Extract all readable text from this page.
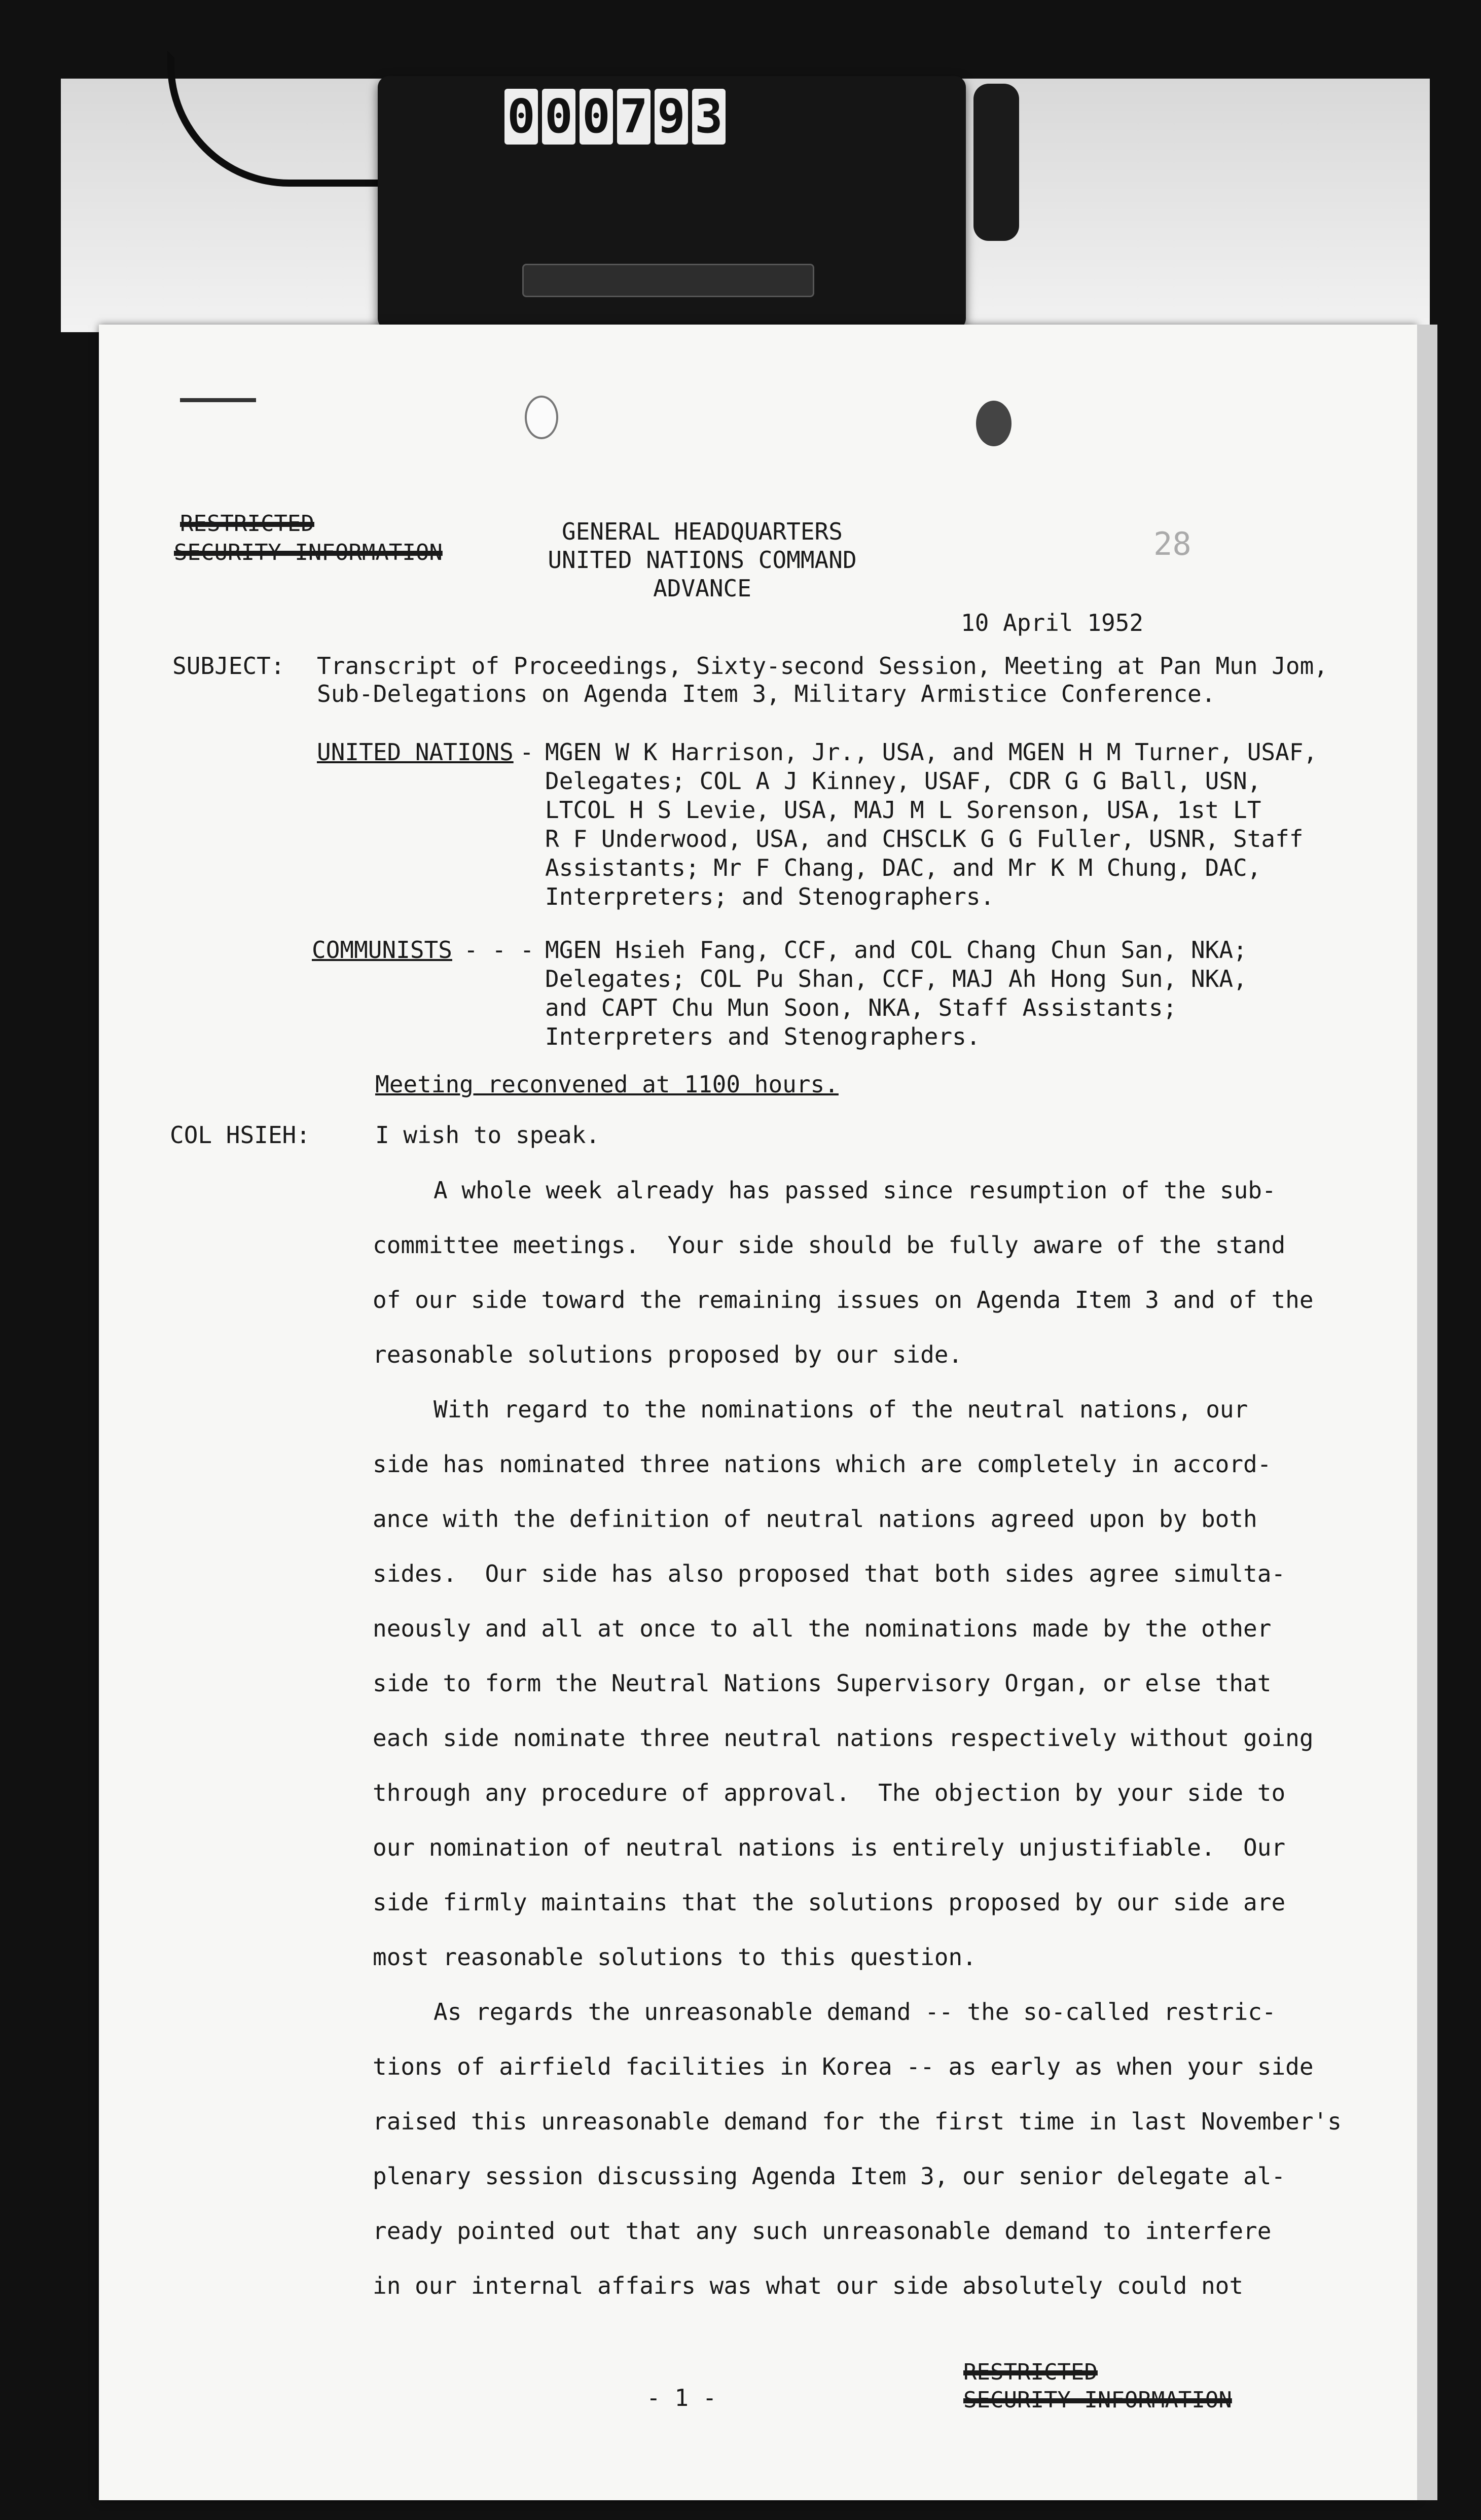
0 0 0 7 9 3
RESTRICTED
SECURITY INFORMATION
GENERAL HEADQUARTERS
UNITED NATIONS COMMAND
ADVANCE
28
10 April 1952
SUBJECT: Transcript of Proceedings, Sixty-second Session, Meeting at Pan Mun Jom,
Sub-Delegations on Agenda Item 3, Military Armistice Conference.
UNITED NATIONS - MGEN W K Harrison, Jr., USA, and MGEN H M Turner, USAF,
Delegates; COL A J Kinney, USAF, CDR G G Ball, USN,
LTCOL H S Levie, USA, MAJ M L Sorenson, USA, 1st LT
R F Underwood, USA, and CHSCLK G G Fuller, USNR, Staff
Assistants; Mr F Chang, DAC, and Mr K M Chung, DAC,
Interpreters; and Stenographers.
COMMUNISTS - - - MGEN Hsieh Fang, CCF, and COL Chang Chun San, NKA;
Delegates; COL Pu Shan, CCF, MAJ Ah Hong Sun, NKA,
and CAPT Chu Mun Soon, NKA, Staff Assistants;
Interpreters and Stenographers.
Meeting reconvened at 1100 hours.
COL HSIEH:	I wish to speak.
A whole week already has passed since resumption of the sub-
committee meetings.  Your side should be fully aware of the stand
of our side toward the remaining issues on Agenda Item 3 and of the
reasonable solutions proposed by our side.
With regard to the nominations of the neutral nations, our
side has nominated three nations which are completely in accord-
ance with the definition of neutral nations agreed upon by both
sides.  Our side has also proposed that both sides agree simulta-
neously and all at once to all the nominations made by the other
side to form the Neutral Nations Supervisory Organ, or else that
each side nominate three neutral nations respectively without going
through any procedure of approval.  The objection by your side to
our nomination of neutral nations is entirely unjustifiable.  Our
side firmly maintains that the solutions proposed by our side are
most reasonable solutions to this question.
As regards the unreasonable demand -- the so-called restric-
tions of airfield facilities in Korea -- as early as when your side
raised this unreasonable demand for the first time in last November's
plenary session discussing Agenda Item 3, our senior delegate al-
ready pointed out that any such unreasonable demand to interfere
in our internal affairs was what our side absolutely could not
- 1 -
RESTRICTED
SECURITY INFORMATION
